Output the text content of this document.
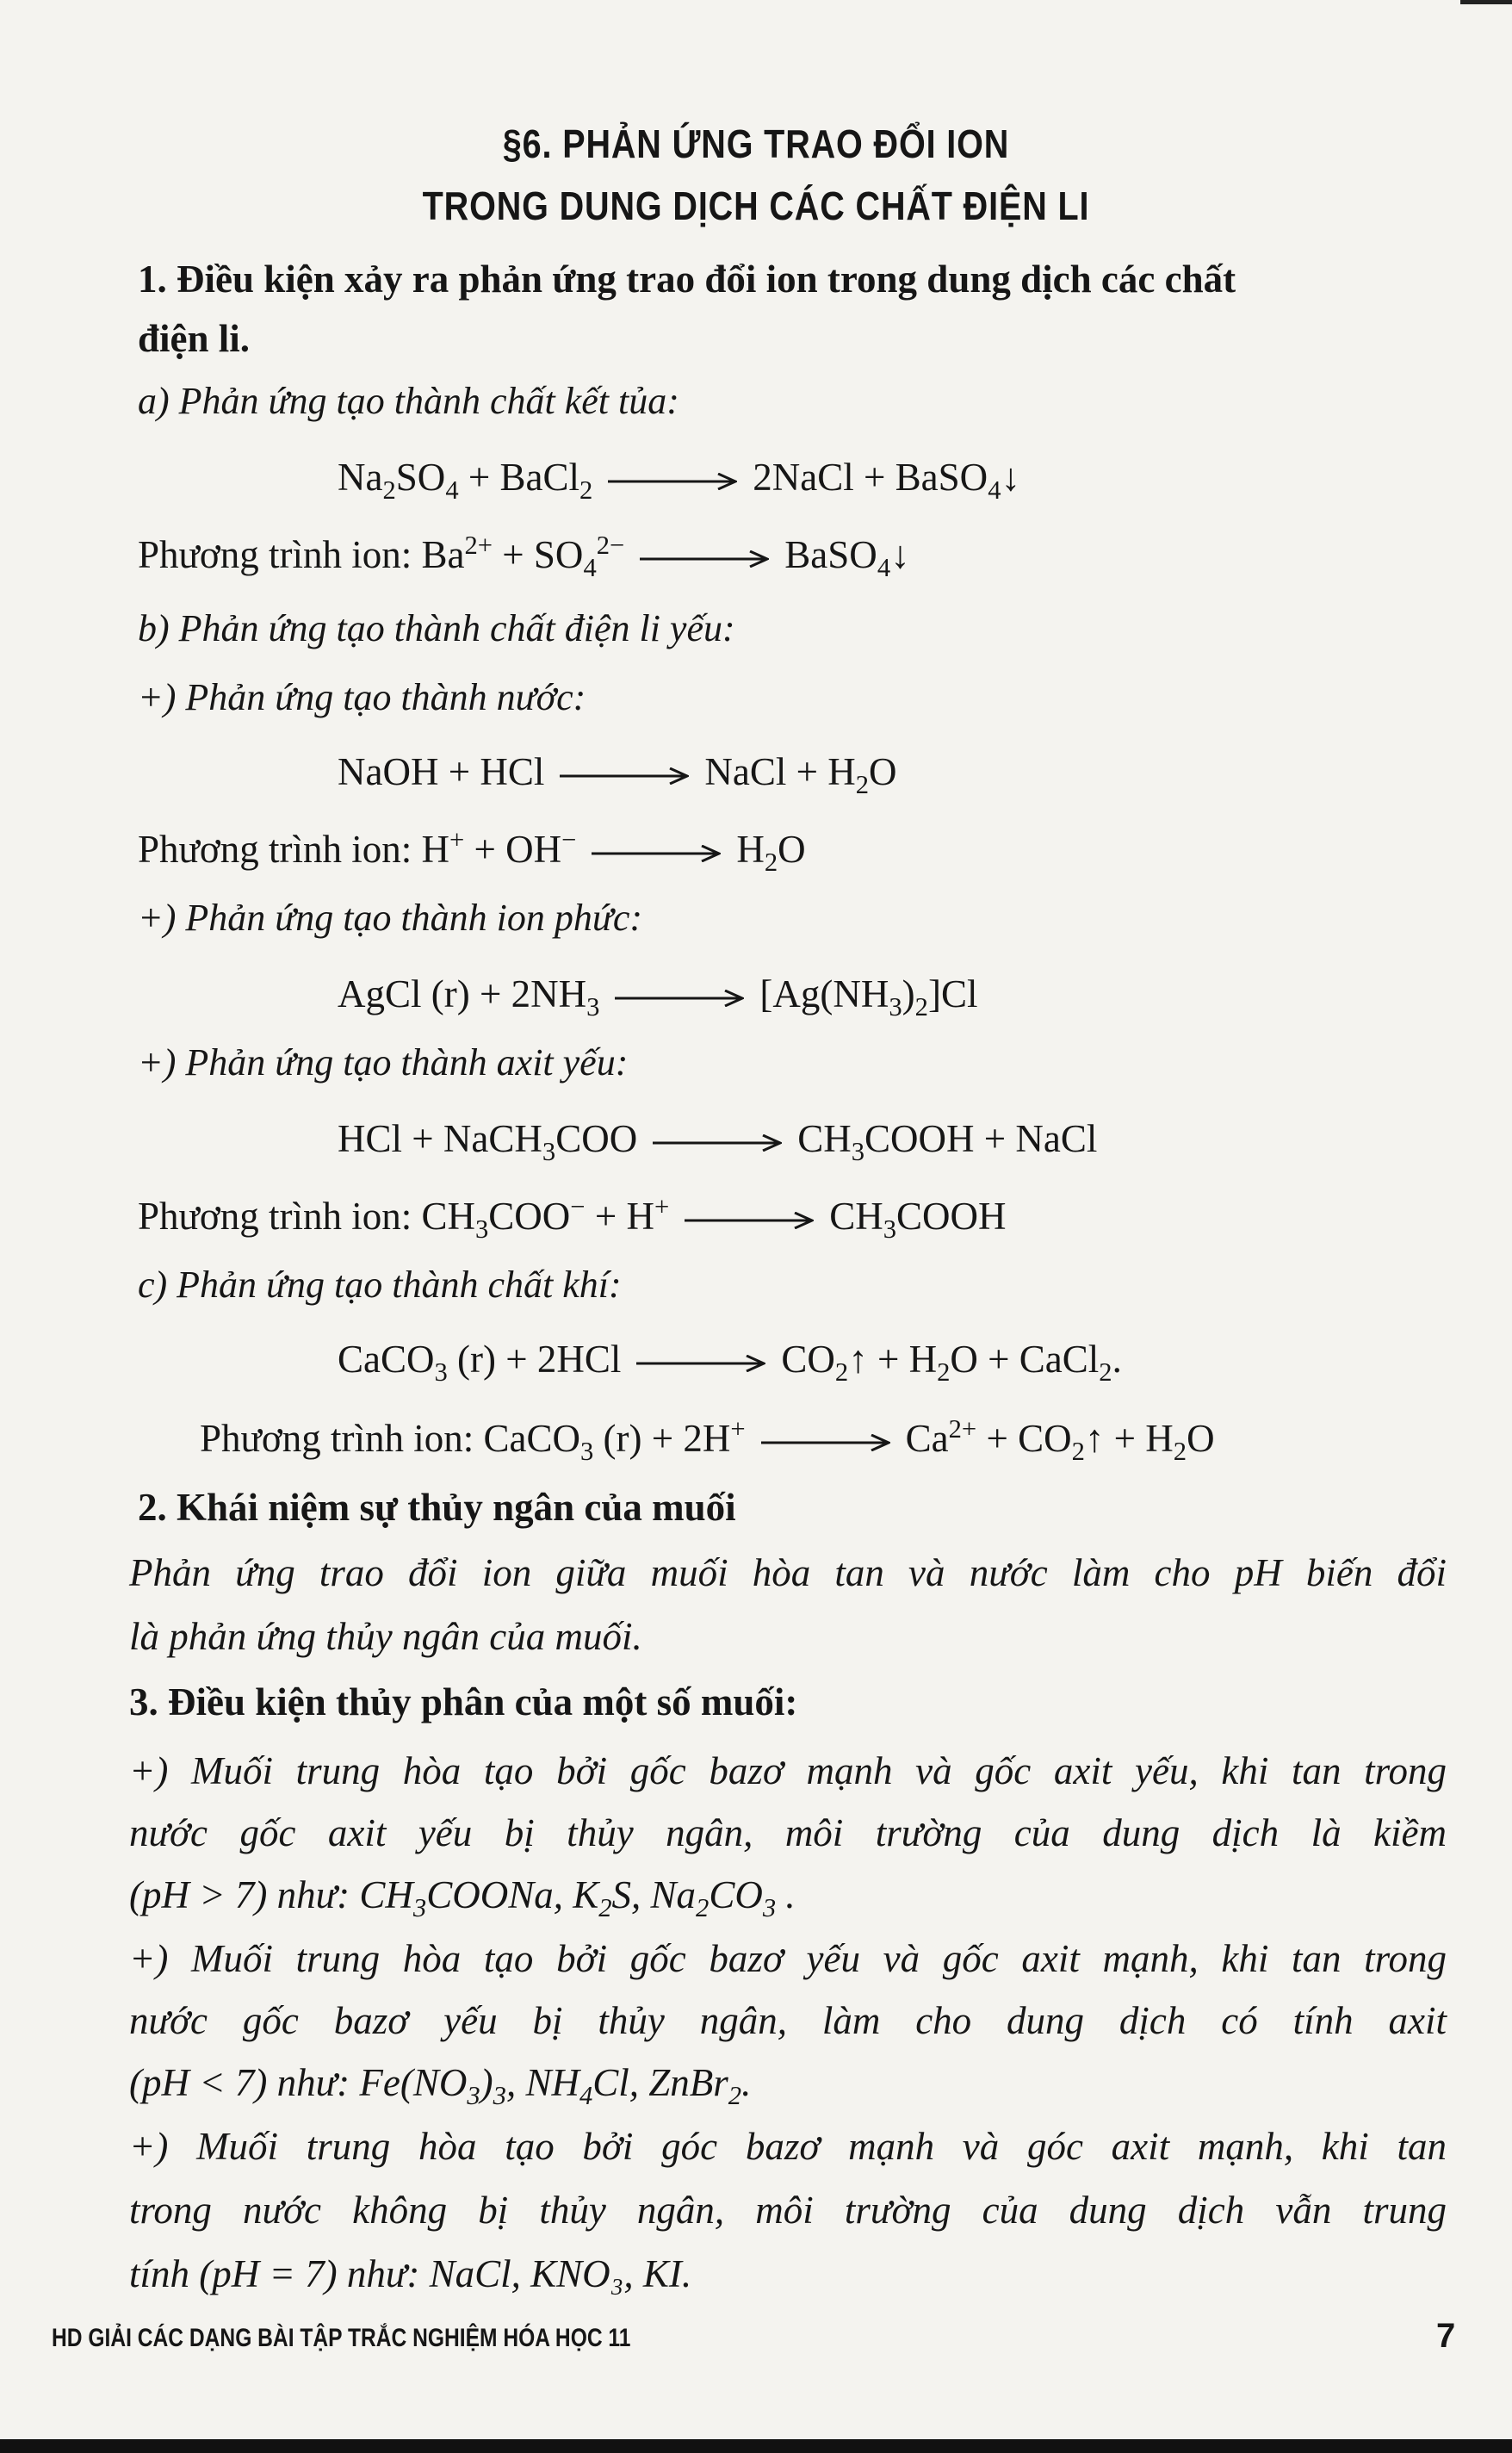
§6. PHẢN ỨNG TRAO ĐỔI ION
TRONG DUNG DỊCH CÁC CHẤT ĐIỆN LI
1. Điều kiện xảy ra phản ứng trao đổi ion trong dung dịch các chất
điện li.
a) Phản ứng tạo thành chất kết tủa:
$Na_2SO_4$ + BaCl$_2$	2NaCl + BaSO$_4$↓
Phương trình ion: $Ba^{2+} + SO_4^{2-}$	BaSO$_4$↓
b) Phản ứng tạo thành chất điện li yếu:
+) Phản ứng tạo thành nước:
NaOH + HCl	NaCl + $H_2O$
Phương trình ion: H+ + OH−	$H_2O$
+) Phản ứng tạo thành ion phức:
AgCl $(r) + 2NH_3$	$[Ag(NH_3)_2]Cl$
+) Phản ứng tạo thành axit yếu:
HCl + NaCH$_3$COO	$CH_3COOH$ + NaCl
Phương trình ion: $CH_3COO^- + H^+$	$CH_3COOH$
c) Phản ứng tạo thành chất khí:
CaCO$_3$ (r) + 2HCl	$CO_2↑ + H_2O$ + CaCl$_2$.
Phương trình ion: CaCO$_3$ (r) + 2H+	$Ca^{2+}$ + $CO_2↑ + H_2O$
2. Khái niệm sự thủy ngân của muối
Phản ứng trao đổi ion giữa muối hòa tan và nước làm cho pH biến đổi
là phản ứng thủy ngân của muối.
3. Điều kiện thủy phân của một số muối:
+) Muối trung hòa tạo bởi gốc bazơ mạnh và gốc axit yếu, khi tan trong
nước gốc axit yếu bị thủy ngân, môi trường của dung dịch là kiềm
(pH > 7) như: $CH_3COONa$, $K_2S$, $Na_2CO_3$ .
+) Muối trung hòa tạo bởi gốc bazơ yếu và gốc axit mạnh, khi tan trong
nước gốc bazơ yếu bị thủy ngân, làm cho dung dịch có tính axit
(pH < 7) như: $Fe(NO_3)_3$, $NH_4Cl$, ZnBr$_2$.
+) Muối trung hòa tạo bởi góc bazơ mạnh và góc axit mạnh, khi tan
trong nước không bị thủy ngân, môi trường của dung dịch vẫn trung
tính (pH = 7) như: NaCl, KNO₃, KI.
HD GIẢI CÁC DẠNG BÀI TẬP TRẮC NGHIỆM HÓA HỌC 11	7
